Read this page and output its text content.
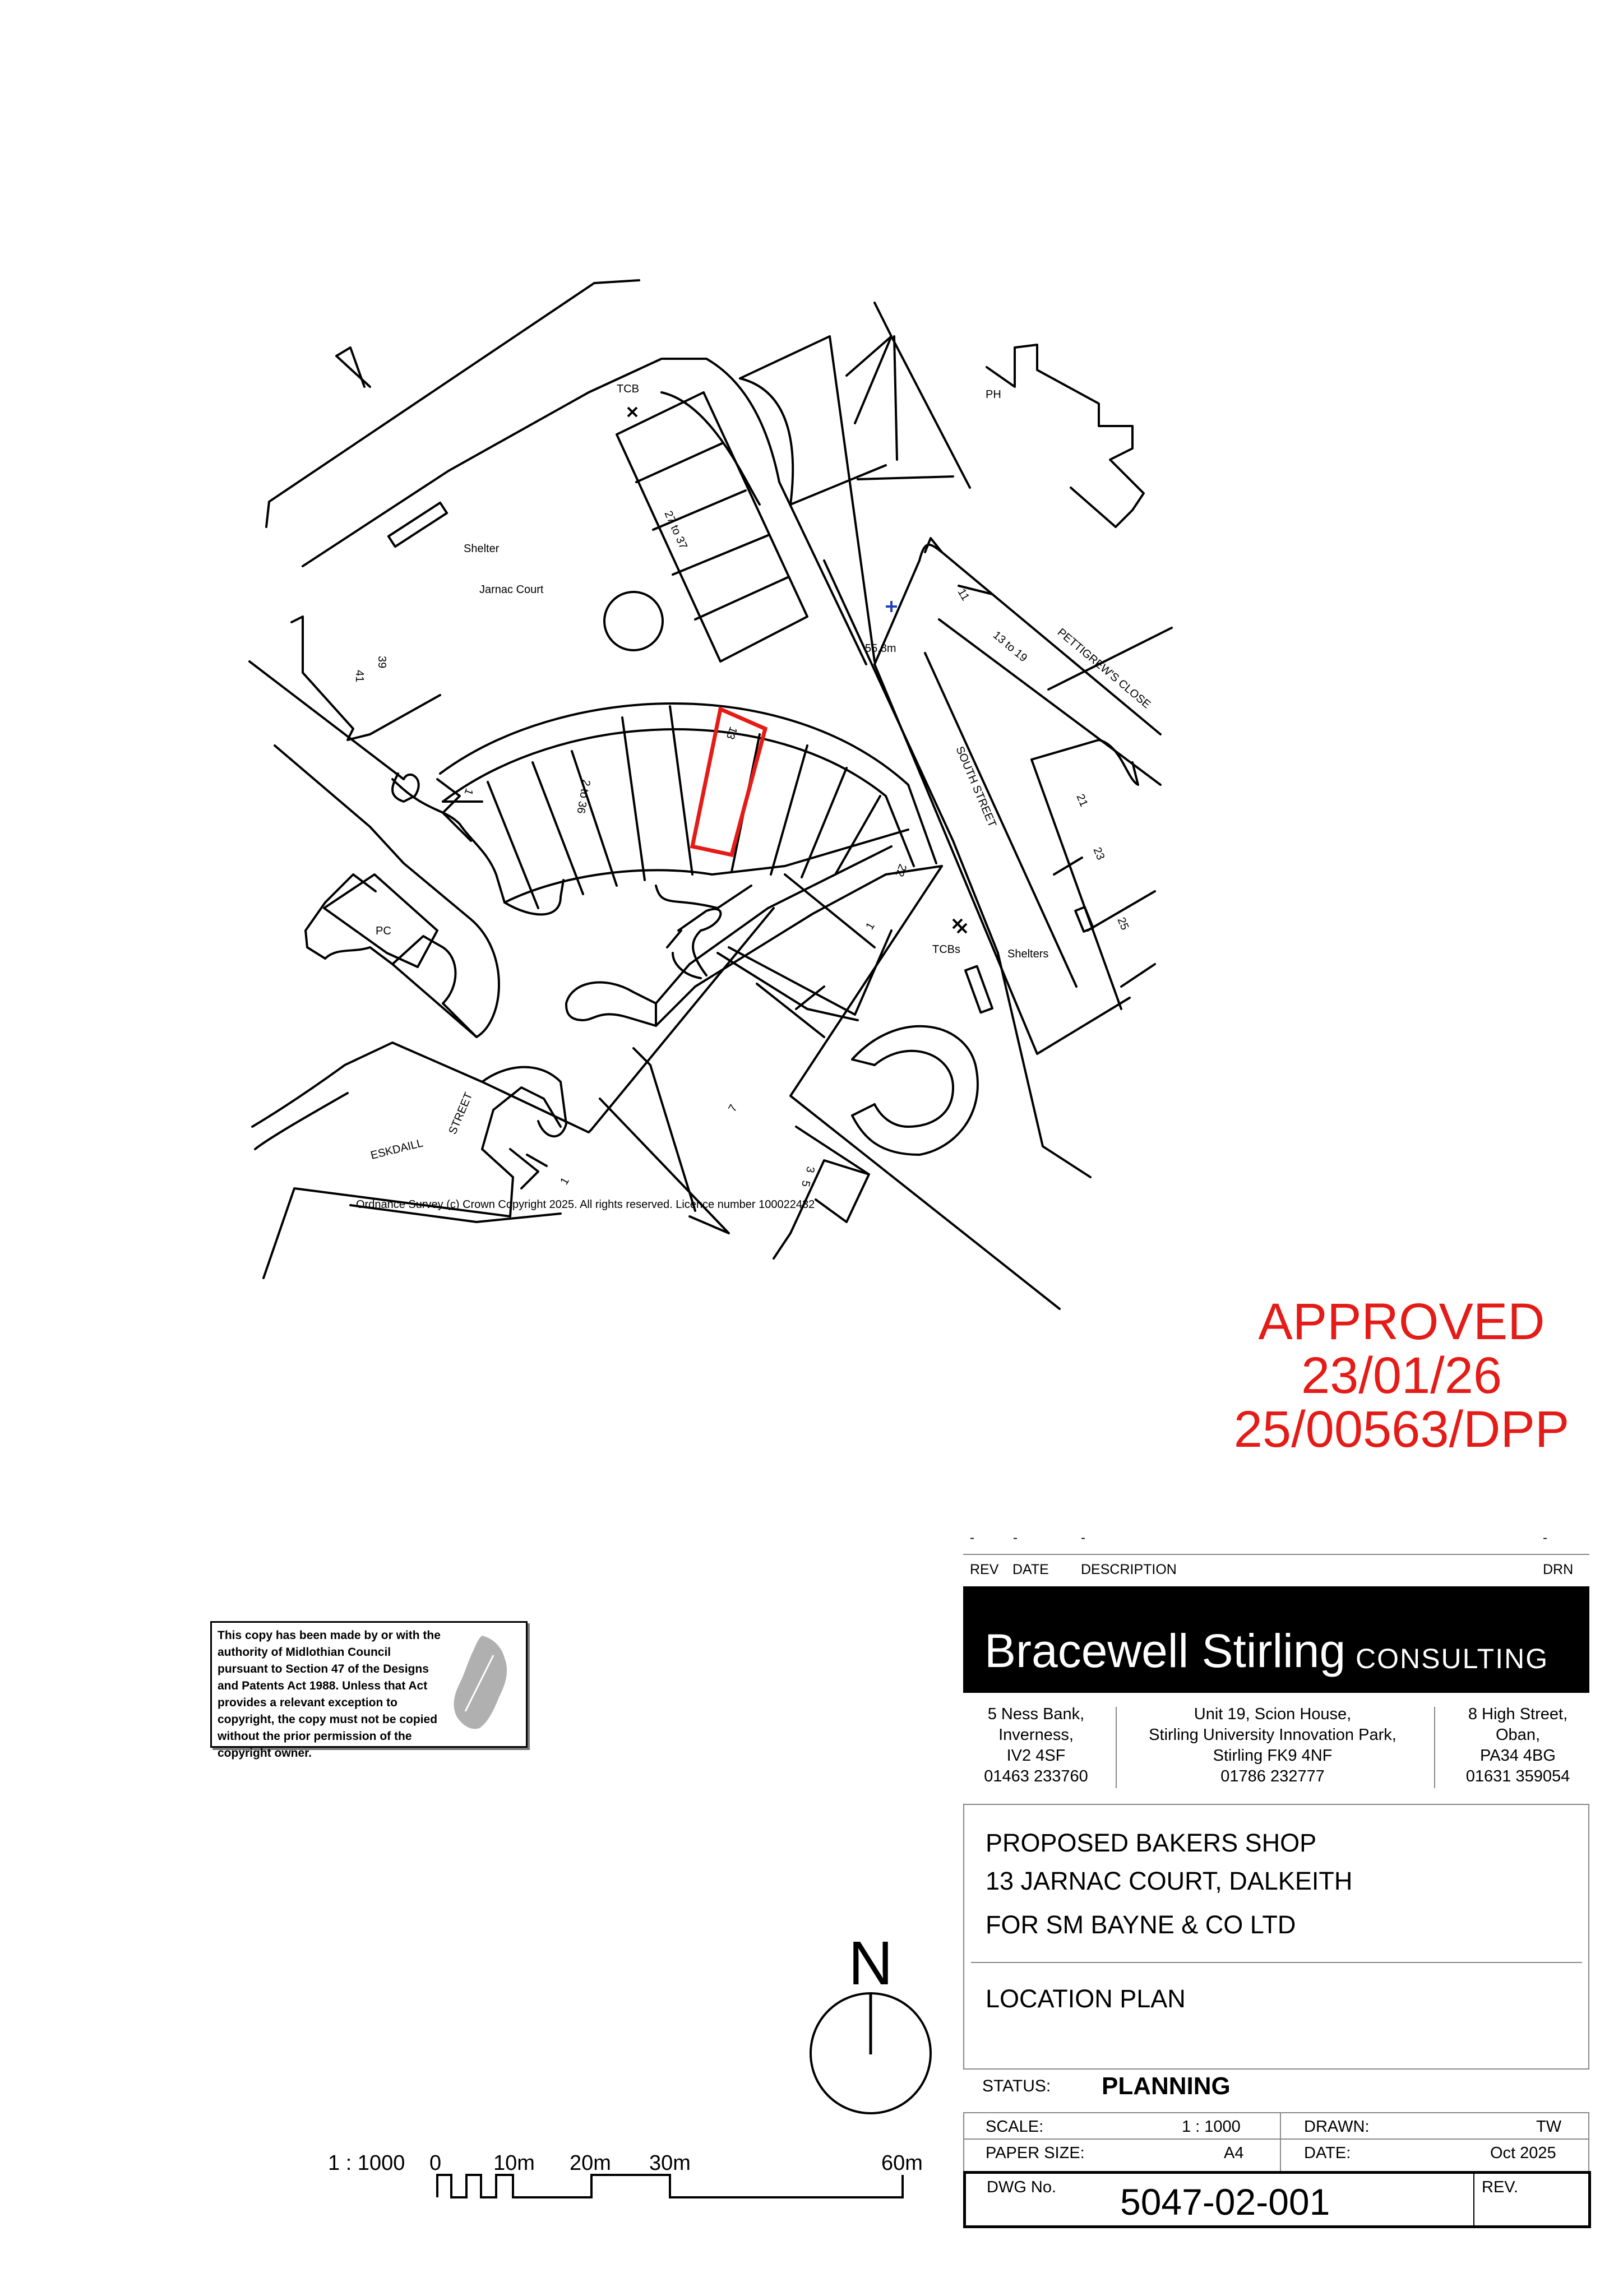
TCB	PH
Shelter
Jarnac Court
27 to 37
11
13 to 19 PETTIGREW'S CLOSE
55.8m
39
41
13
1	2 to 36	SOUTH STREET	21
23
25
22
1
TCBs	Shelters
PC
7
ESKDAILL
STREET
1
3
5
Ordnance Survey (c) Crown Copyright 2025. All rights reserved. Licence number 100022432
N
1 : 1000 0 10m 20m 30m	60m
APPROVED
23/01/26
25/00563/DPP
This copy has been made by or with the authority of Midlothian Council pursuant to Section 47 of the Designs and Patents Act 1988. Unless that Act provides a relevant exception to copyright, the copy must not be copied without the prior permission of the copyright owner.
-	-	-	-
REV DATE DESCRIPTION	DRN
Bracewell Stirling CONSULTING
5 Ness Bank,
Inverness,
IV2 4SF
01463 233760
Unit 19, Scion House,
Stirling University Innovation Park,
Stirling FK9 4NF
01786 232777
8 High Street,
Oban,
PA34 4BG
01631 359054
PROPOSED BAKERS SHOP
13 JARNAC COURT, DALKEITH
FOR SM BAYNE & CO LTD
LOCATION PLAN
STATUS: PLANNING
SCALE:	1 : 1000	DRAWN:	TW
PAPER SIZE:	A4	DATE:	Oct 2025
DWG No. 5047-02-001	REV.
